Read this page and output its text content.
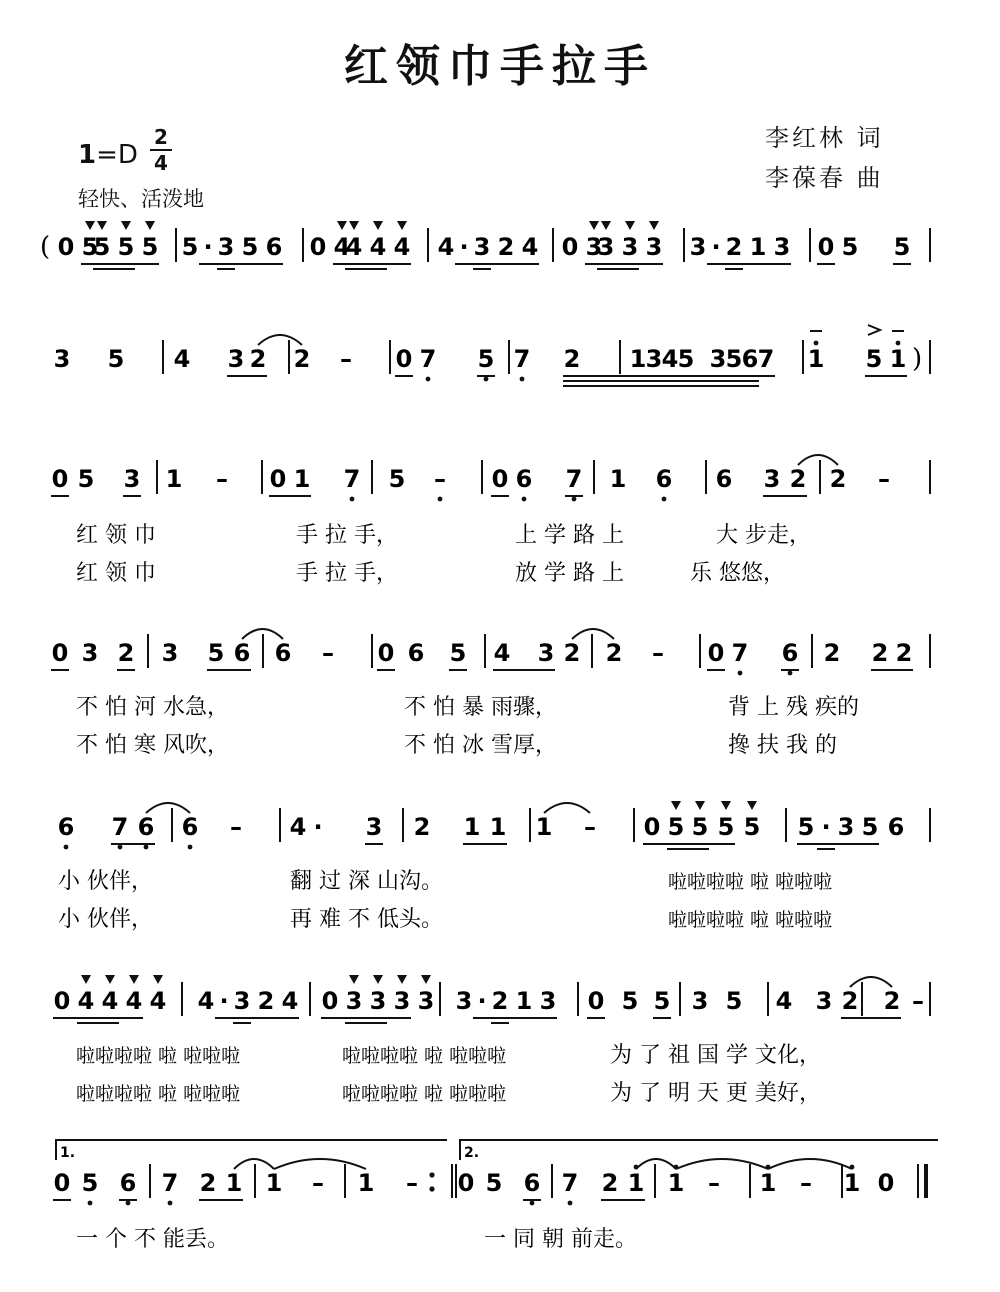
红领巾手拉手
1=D
2
4
轻快、活泼地
李红林 词
李葆春 曲
1.	2.
(
)
0 5
5 5 5 5 · 3 5 6 0 4
4 4 4 4 · 3 2 4 0 3
3 3 3 3 · 2 1 3 0 5 5
3 5 4 3 2 2 – 0 7 5 7 2 1 3 4 5 3 5 6 7 1 5 1
0 5 3 1 – 0 1 7 5 – 0 6 7 1 6 6 3 2 2 –
0 3 2 3 5 6 6 – 0 6 5 4 3 2 2 – 0 7 6 2 2 2
6 7 6 6 – 4 · 3 2 1 1 1 – 0 5 5 5 5 5 · 3 5 6
0 4 4 4 4 4 · 3 2 4 0 3 3 3 3 3 · 2 1 3 0 5 5 3 5 4 3 2 2 –
0 5 6 7 2 1 1 – 1 – 0 5 6 7 2 1 1 – 1 – 1 0
红 领 巾	手 拉 手，	上 学 路 上	大 步走，
红 领 巾	手 拉 手，	放 学 路 上	乐 悠悠，
不 怕 河 水急，	不 怕 暴 雨骤，	背 上 残 疾的
不 怕 寒 风吹，	不 怕 冰 雪厚，	搀 扶 我 的
小 伙伴，	翻 过 深 山沟。	啦啦啦啦 啦 啦啦啦
小 伙伴，	再 难 不 低头。	啦啦啦啦 啦 啦啦啦
啦啦啦啦 啦 啦啦啦	啦啦啦啦 啦 啦啦啦	为 了 祖 国 学 文化，
啦啦啦啦 啦 啦啦啦	啦啦啦啦 啦 啦啦啦	为 了 明 天 更 美好，
一 个 不 能丢。	一 同 朝 前走。
